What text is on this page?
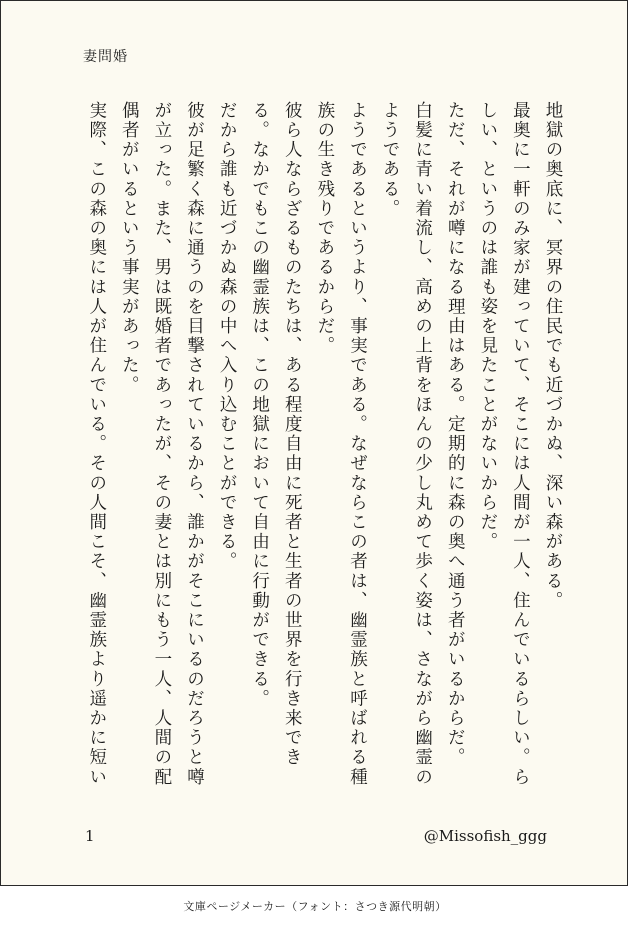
妻問婚

地獄の奥底に、冥界の住民でも近づかぬ、深い森がある。

最奥に一軒のみ家が建っていて、そこには人間が一人、住んでいるらしい。らしい、というのは誰も姿を見たことがないからだ。

ただ、それが噂になる理由はある。定期的に森の奥へ通う者がいるからだ。

白髪に青い着流し、高めの上背をほんの少し丸めて歩く姿は、さながら幽霊のようである。

ようであるというより、事実である。なぜならこの者は、幽霊族と呼ばれる種族の生き残りであるからだ。

彼ら人ならざるものたちは、ある程度自由に死者と生者の世界を行き来できる。なかでもこの幽霊族は、この地獄において自由に行動ができる。

だから誰も近づかぬ森の中へ入り込むことができる。

彼が足繁く森に通うのを目撃されているから、誰かがそこにいるのだろうと噂が立った。また、男は既婚者であったが、その妻とは別にもう一人、人間の配偶者がいるという事実があった。

実際、この森の奥には人が住んでいる。その人間こそ、幽霊族より遥かに短い

1	@Missofish_ggg
文庫ページメーカー（フォント：さつき源代明朝）
